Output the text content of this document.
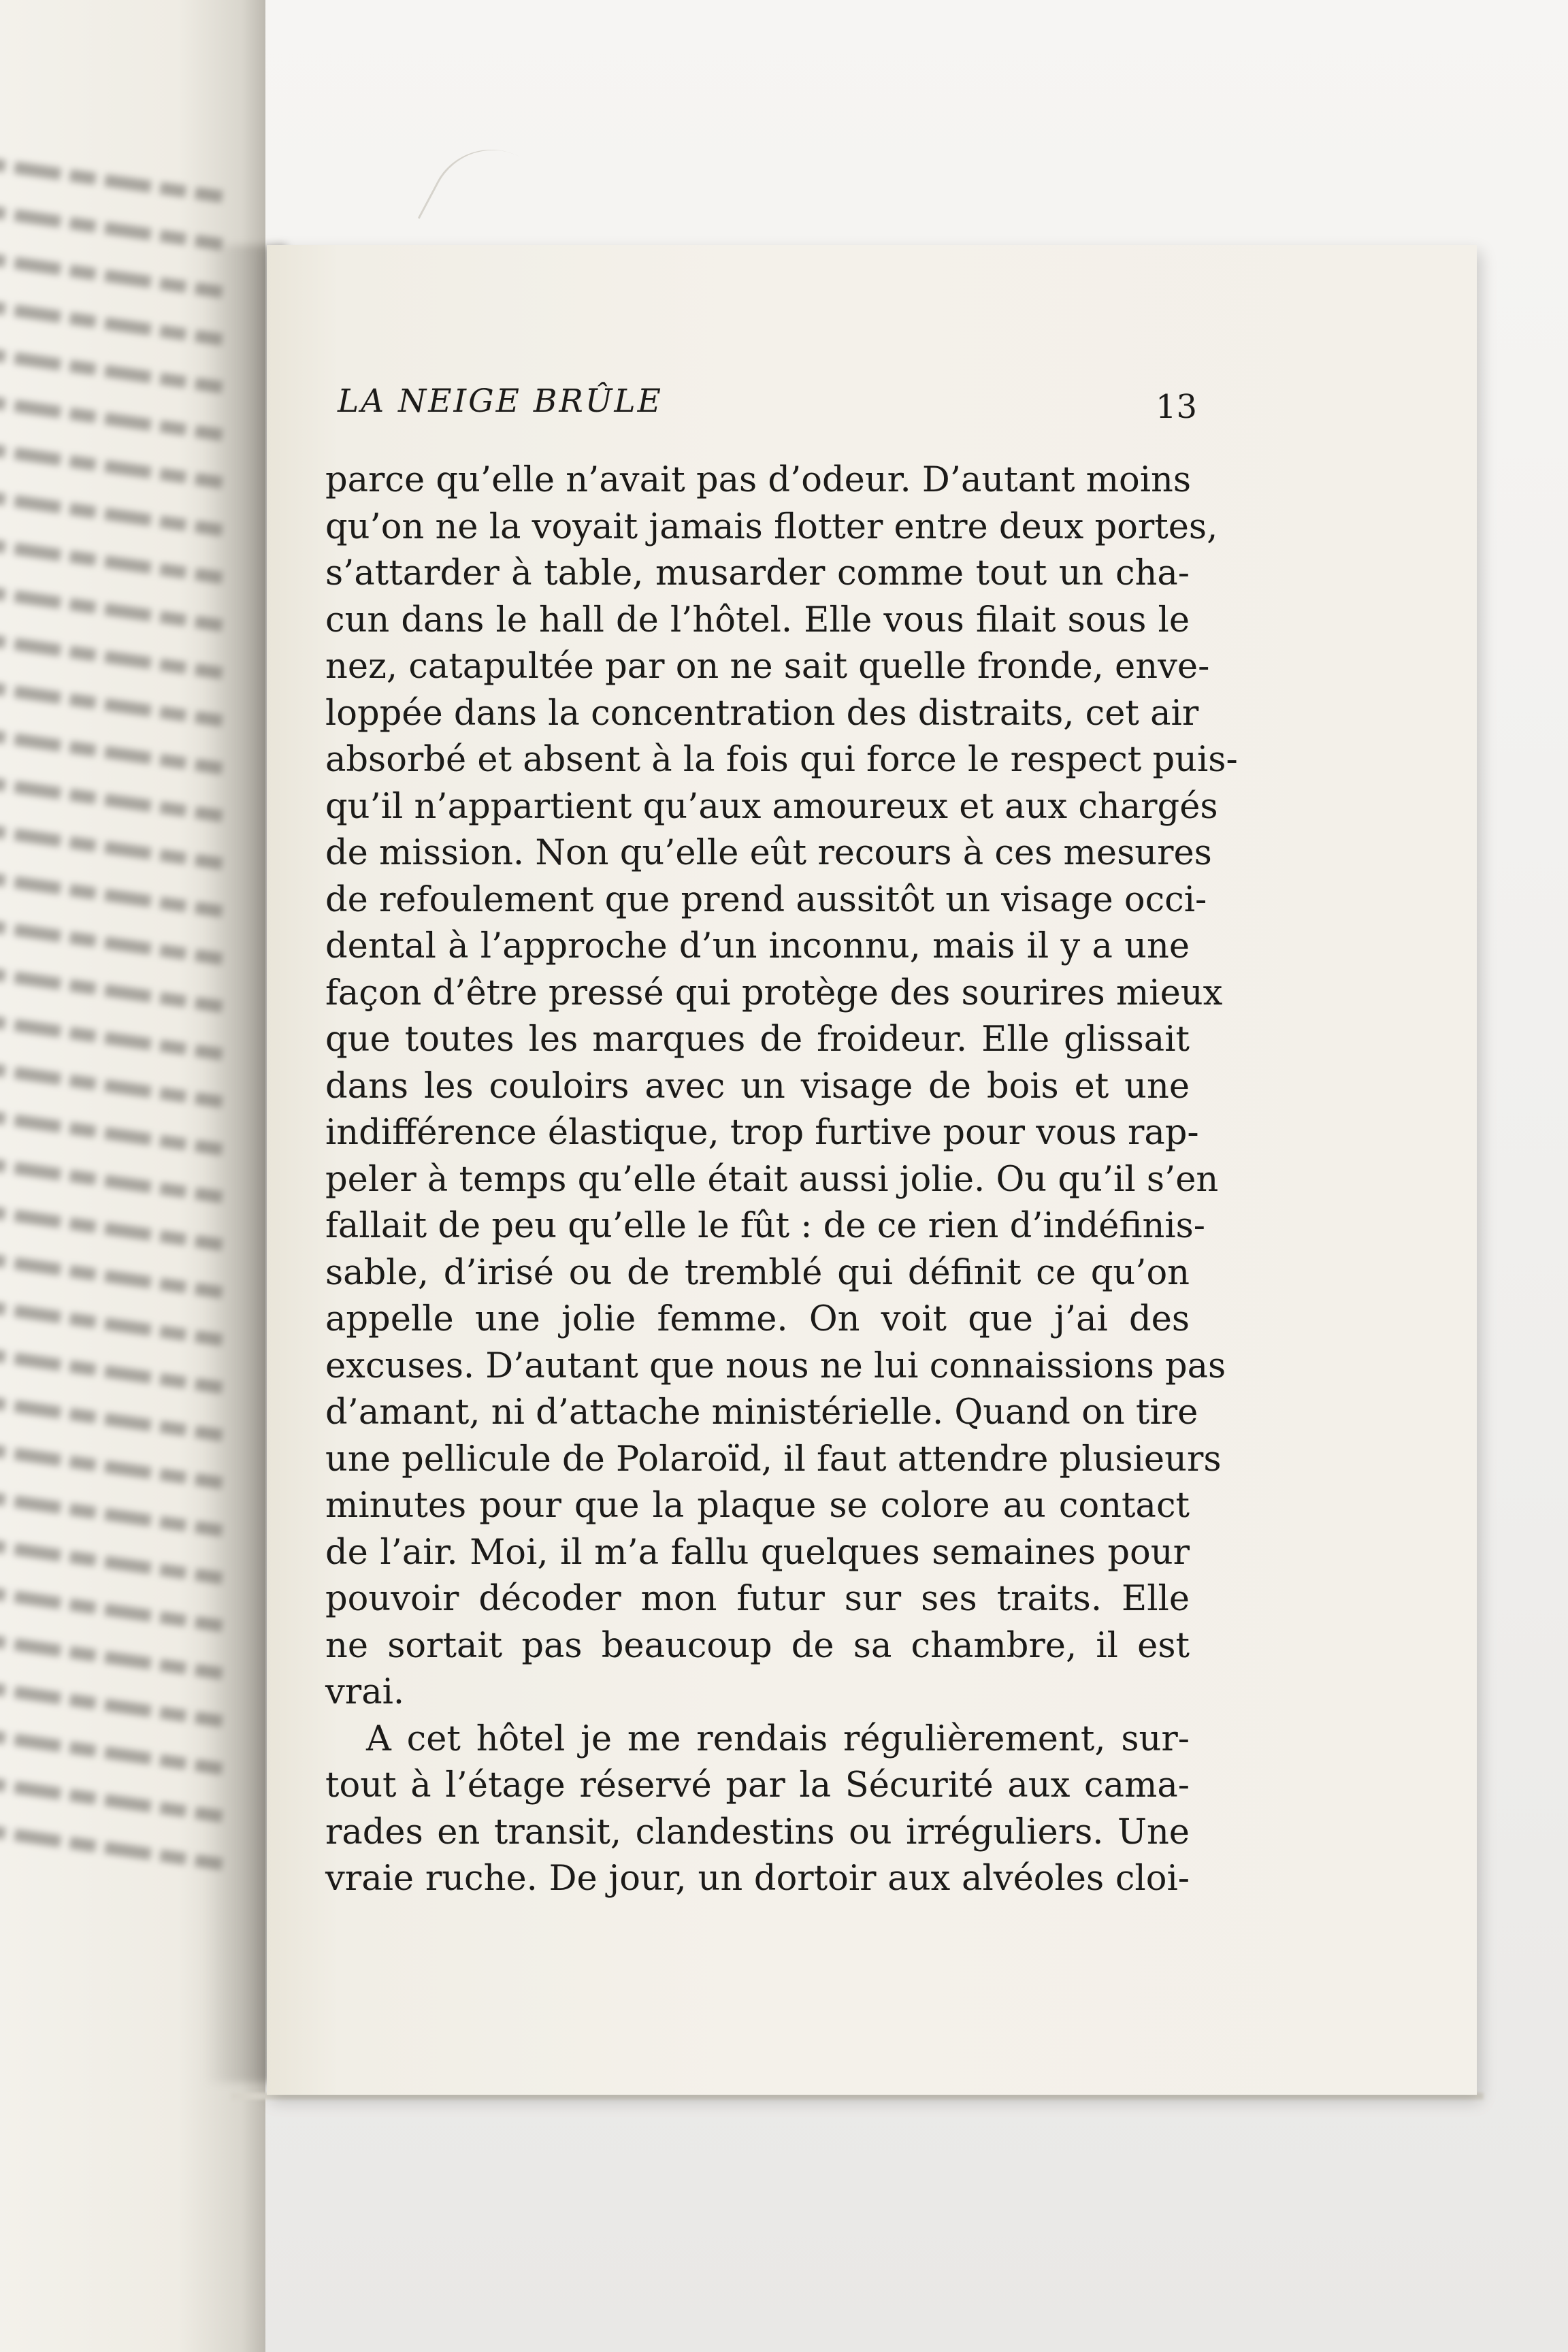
LA NEIGE BRÛLE	13
parce qu’elle n’avait pas d’odeur. D’autant moins
qu’on ne la voyait jamais flotter entre deux portes,
s’attarder à table, musarder comme tout un cha-
cun dans le hall de l’hôtel. Elle vous filait sous le
nez, catapultée par on ne sait quelle fronde, enve-
loppée dans la concentration des distraits, cet air
absorbé et absent à la fois qui force le respect puis-
qu’il n’appartient qu’aux amoureux et aux chargés
de mission. Non qu’elle eût recours à ces mesures
de refoulement que prend aussitôt un visage occi-
dental à l’approche d’un inconnu, mais il y a une
façon d’être pressé qui protège des sourires mieux
que toutes les marques de froideur. Elle glissait
dans les couloirs avec un visage de bois et une
indifférence élastique, trop furtive pour vous rap-
peler à temps qu’elle était aussi jolie. Ou qu’il s’en
fallait de peu qu’elle le fût : de ce rien d’indéfinis-
sable, d’irisé ou de tremblé qui définit ce qu’on
appelle une jolie femme. On voit que j’ai des
excuses. D’autant que nous ne lui connaissions pas
d’amant, ni d’attache ministérielle. Quand on tire
une pellicule de Polaroïd, il faut attendre plusieurs
minutes pour que la plaque se colore au contact
de l’air. Moi, il m’a fallu quelques semaines pour
pouvoir décoder mon futur sur ses traits. Elle
ne sortait pas beaucoup de sa chambre, il est
vrai.
A cet hôtel je me rendais régulièrement, sur-
tout à l’étage réservé par la Sécurité aux cama-
rades en transit, clandestins ou irréguliers. Une
vraie ruche. De jour, un dortoir aux alvéoles cloi-
